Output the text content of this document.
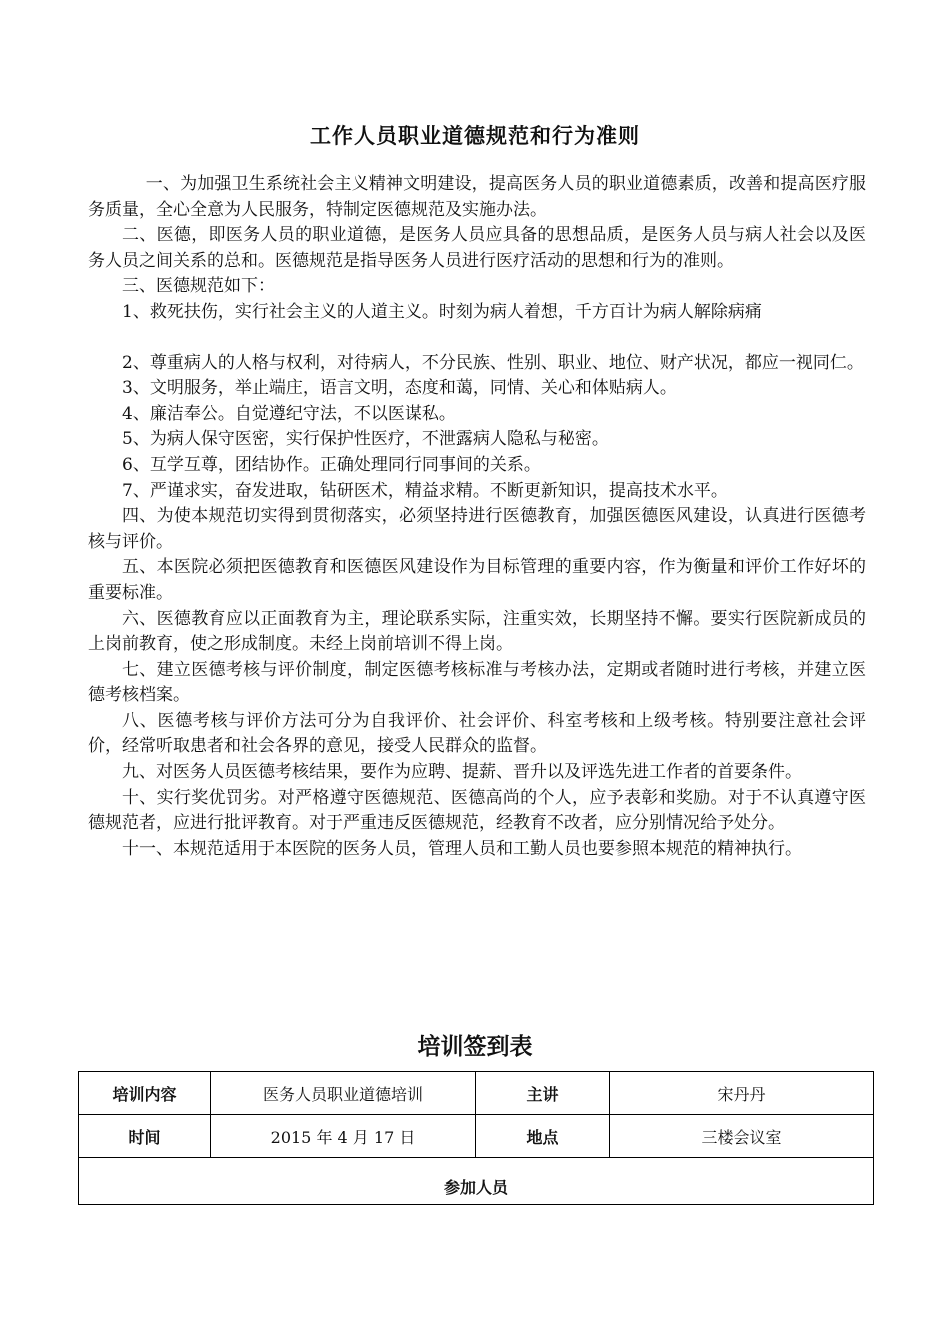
工作人员职业道德规范和行为准则

一、为加强卫生系统社会主义精神文明建设，提高医务人员的职业道德素质，改善和提高医疗服务质量，全心全意为人民服务，特制定医德规范及实施办法。

二、医德，即医务人员的职业道德，是医务人员应具备的思想品质，是医务人员与病人社会以及医务人员之间关系的总和。医德规范是指导医务人员进行医疗活动的思想和行为的准则。

三、医德规范如下：

1、救死扶伤，实行社会主义的人道主义。时刻为病人着想，千方百计为病人解除病痛

2、尊重病人的人格与权利，对待病人，不分民族、性别、职业、地位、财产状况，都应一视同仁。

3、文明服务，举止端庄，语言文明，态度和蔼，同情、关心和体贴病人。

4、廉洁奉公。自觉遵纪守法，不以医谋私。

5、为病人保守医密，实行保护性医疗，不泄露病人隐私与秘密。

6、互学互尊，团结协作。正确处理同行同事间的关系。

7、严谨求实，奋发进取，钻研医术，精益求精。不断更新知识，提高技术水平。

四、为使本规范切实得到贯彻落实，必须坚持进行医德教育，加强医德医风建设，认真进行医德考核与评价。

五、本医院必须把医德教育和医德医风建设作为目标管理的重要内容，作为衡量和评价工作好坏的重要标准。

六、医德教育应以正面教育为主，理论联系实际，注重实效，长期坚持不懈。要实行医院新成员的上岗前教育，使之形成制度。未经上岗前培训不得上岗。

七、建立医德考核与评价制度，制定医德考核标准与考核办法，定期或者随时进行考核，并建立医德考核档案。

八、医德考核与评价方法可分为自我评价、社会评价、科室考核和上级考核。特别要注意社会评价，经常听取患者和社会各界的意见，接受人民群众的监督。

九、对医务人员医德考核结果，要作为应聘、提薪、晋升以及评选先进工作者的首要条件。

十、实行奖优罚劣。对严格遵守医德规范、医德高尚的个人，应予表彰和奖励。对于不认真遵守医德规范者，应进行批评教育。对于严重违反医德规范，经教育不改者，应分别情况给予处分。

十一、本规范适用于本医院的医务人员，管理人员和工勤人员也要参照本规范的精神执行。

培训签到表
培训内容	医务人员职业道德培训	主讲	宋丹丹
时间	2015 年 4 月 17 日	地点	三楼会议室
参加人员			
